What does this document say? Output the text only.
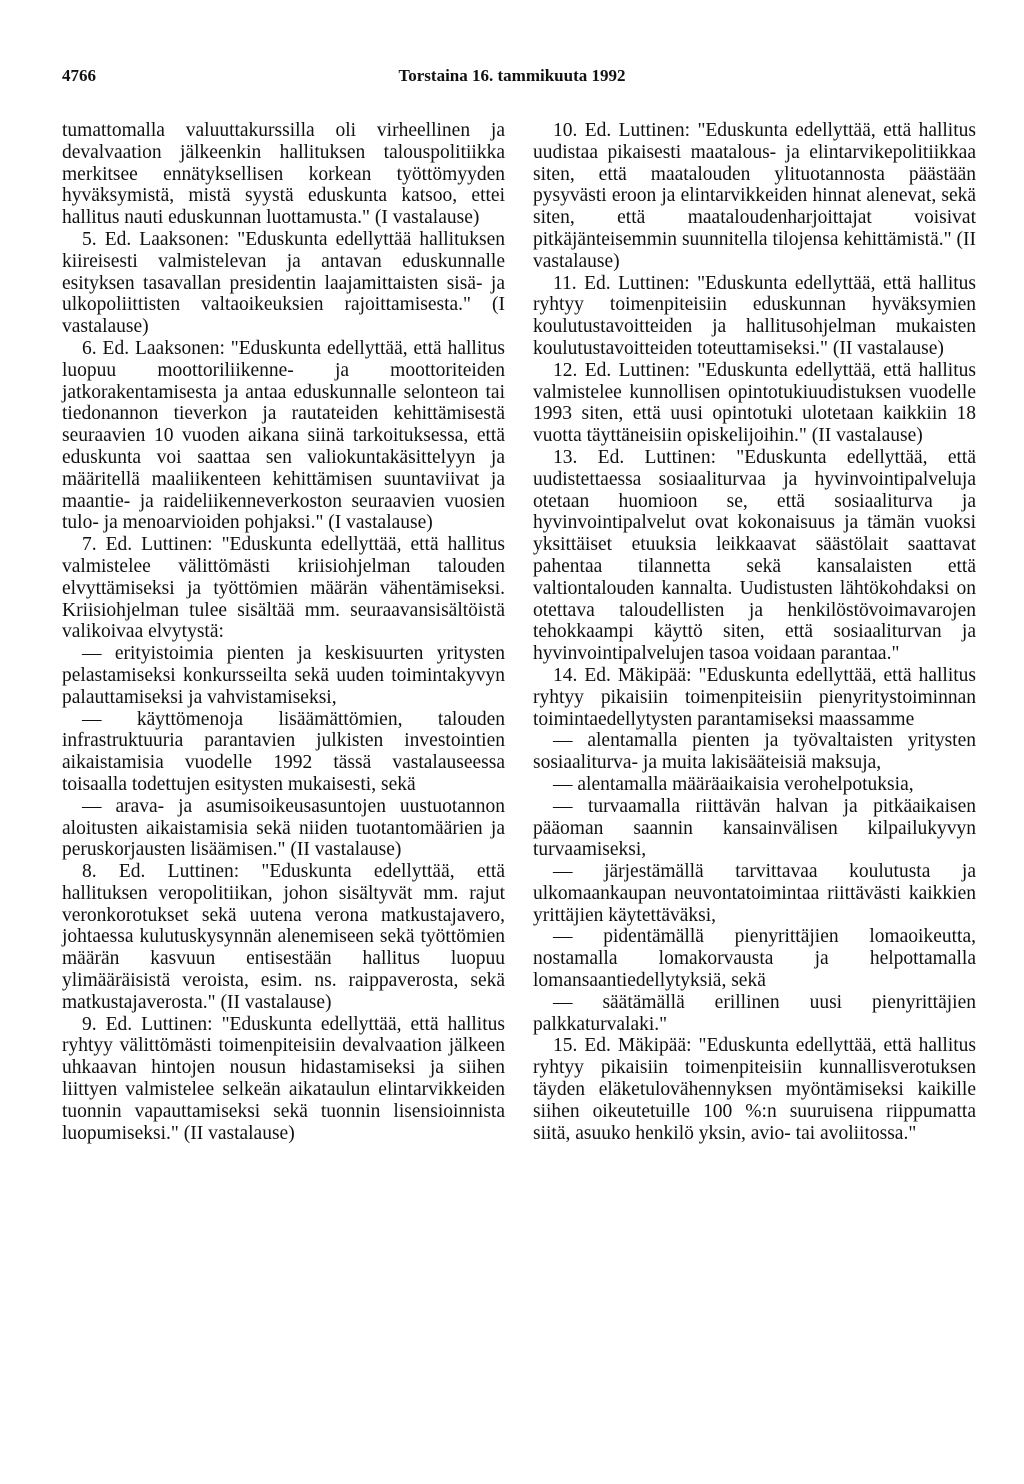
4766	Torstaina 16. tammikuuta 1992

tumattomalla valuuttakurssilla oli virheellinen ja devalvaation jälkeenkin hallituksen talouspolitiikka merkitsee ennätyksellisen korkean työttömyyden hyväksymistä, mistä syystä eduskunta katsoo, ettei hallitus nauti eduskunnan luottamusta." (I vastalause)

5. Ed. Laaksonen: "Eduskunta edellyttää hallituksen kiireisesti valmistelevan ja antavan eduskunnalle esityksen tasavallan presidentin laajamittaisten sisä- ja ulkopoliittisten valtaoikeuksien rajoittamisesta." (I vastalause)

6. Ed. Laaksonen: "Eduskunta edellyttää, että hallitus luopuu moottoriliikenne- ja moottoriteiden jatkorakentamisesta ja antaa eduskunnalle selonteon tai tiedonannon tieverkon ja rautateiden kehittämisestä seuraavien 10 vuoden aikana siinä tarkoituksessa, että eduskunta voi saattaa sen valiokuntakäsittelyyn ja määritellä maaliikenteen kehittämisen suuntaviivat ja maantie- ja raideliikenneverkoston seuraavien vuosien tulo- ja menoarvioiden pohjaksi." (I vastalause)

7. Ed. Luttinen: "Eduskunta edellyttää, että hallitus valmistelee välittömästi kriisiohjelman talouden elvyttämiseksi ja työttömien määrän vähentämiseksi. Kriisiohjelman tulee sisältää mm. seuraavansisältöistä valikoivaa elvytystä:

— erityistoimia pienten ja keskisuurten yritysten pelastamiseksi konkursseilta sekä uuden toimintakyvyn palauttamiseksi ja vahvistamiseksi,

— käyttömenoja lisäämättömien, talouden infrastruktuuria parantavien julkisten investointien aikaistamisia vuodelle 1992 tässä vastalauseessa toisaalla todettujen esitysten mukaisesti, sekä

— arava- ja asumisoikeusasuntojen uustuotannon aloitusten aikaistamisia sekä niiden tuotantomäärien ja peruskorjausten lisäämisen." (II vastalause)

8. Ed. Luttinen: "Eduskunta edellyttää, että hallituksen veropolitiikan, johon sisältyvät mm. rajut veronkorotukset sekä uutena verona matkustajavero, johtaessa kulutuskysynnän alenemiseen sekä työttömien määrän kasvuun entisestään hallitus luopuu ylimääräisistä veroista, esim. ns. raippaverosta, sekä matkustajaverosta." (II vastalause)

9. Ed. Luttinen: "Eduskunta edellyttää, että hallitus ryhtyy välittömästi toimenpiteisiin devalvaation jälkeen uhkaavan hintojen nousun hidastamiseksi ja siihen liittyen valmistelee selkeän aikataulun elintarvikkeiden tuonnin vapauttamiseksi sekä tuonnin lisensioinnista luopumiseksi." (II vastalause)

10. Ed. Luttinen: "Eduskunta edellyttää, että hallitus uudistaa pikaisesti maatalous- ja elintarvikepolitiikkaa siten, että maatalouden ylituotannosta päästään pysyvästi eroon ja elintarvikkeiden hinnat alenevat, sekä siten, että maataloudenharjoittajat voisivat pitkäjänteisemmin suunnitella tilojensa kehittämistä." (II vastalause)

11. Ed. Luttinen: "Eduskunta edellyttää, että hallitus ryhtyy toimenpiteisiin eduskunnan hyväksymien koulutustavoitteiden ja hallitusohjelman mukaisten koulutustavoitteiden toteuttamiseksi." (II vastalause)

12. Ed. Luttinen: "Eduskunta edellyttää, että hallitus valmistelee kunnollisen opintotukiuudistuksen vuodelle 1993 siten, että uusi opintotuki ulotetaan kaikkiin 18 vuotta täyttäneisiin opiskelijoihin." (II vastalause)

13. Ed. Luttinen: "Eduskunta edellyttää, että uudistettaessa sosiaaliturvaa ja hyvinvointipalveluja otetaan huomioon se, että sosiaaliturva ja hyvinvointipalvelut ovat kokonaisuus ja tämän vuoksi yksittäiset etuuksia leikkaavat säästölait saattavat pahentaa tilannetta sekä kansalaisten että valtiontalouden kannalta. Uudistusten lähtökohdaksi on otettava taloudellisten ja henkilöstövoimavarojen tehokkaampi käyttö siten, että sosiaaliturvan ja hyvinvointipalvelujen tasoa voidaan parantaa."

14. Ed. Mäkipää: "Eduskunta edellyttää, että hallitus ryhtyy pikaisiin toimenpiteisiin pienyritystoiminnan toimintaedellytysten parantamiseksi maassamme

— alentamalla pienten ja työvaltaisten yritysten sosiaaliturva- ja muita lakisääteisiä maksuja,

— alentamalla määräaikaisia verohelpotuksia,

— turvaamalla riittävän halvan ja pitkäaikaisen pääoman saannin kansainvälisen kilpailukyvyn turvaamiseksi,

— järjestämällä tarvittavaa koulutusta ja ulkomaankaupan neuvontatoimintaa riittävästi kaikkien yrittäjien käytettäväksi,

— pidentämällä pienyrittäjien lomaoikeutta, nostamalla lomakorvausta ja helpottamalla lomansaantiedellytyksiä, sekä

— säätämällä erillinen uusi pienyrittäjien palkkaturvalaki."

15. Ed. Mäkipää: "Eduskunta edellyttää, että hallitus ryhtyy pikaisiin toimenpiteisiin kunnallisverotuksen täyden eläketulovähennyksen myöntämiseksi kaikille siihen oikeutetuille 100 %:n suuruisena riippumatta siitä, asuuko henkilö yksin, avio- tai avoliitossa."
